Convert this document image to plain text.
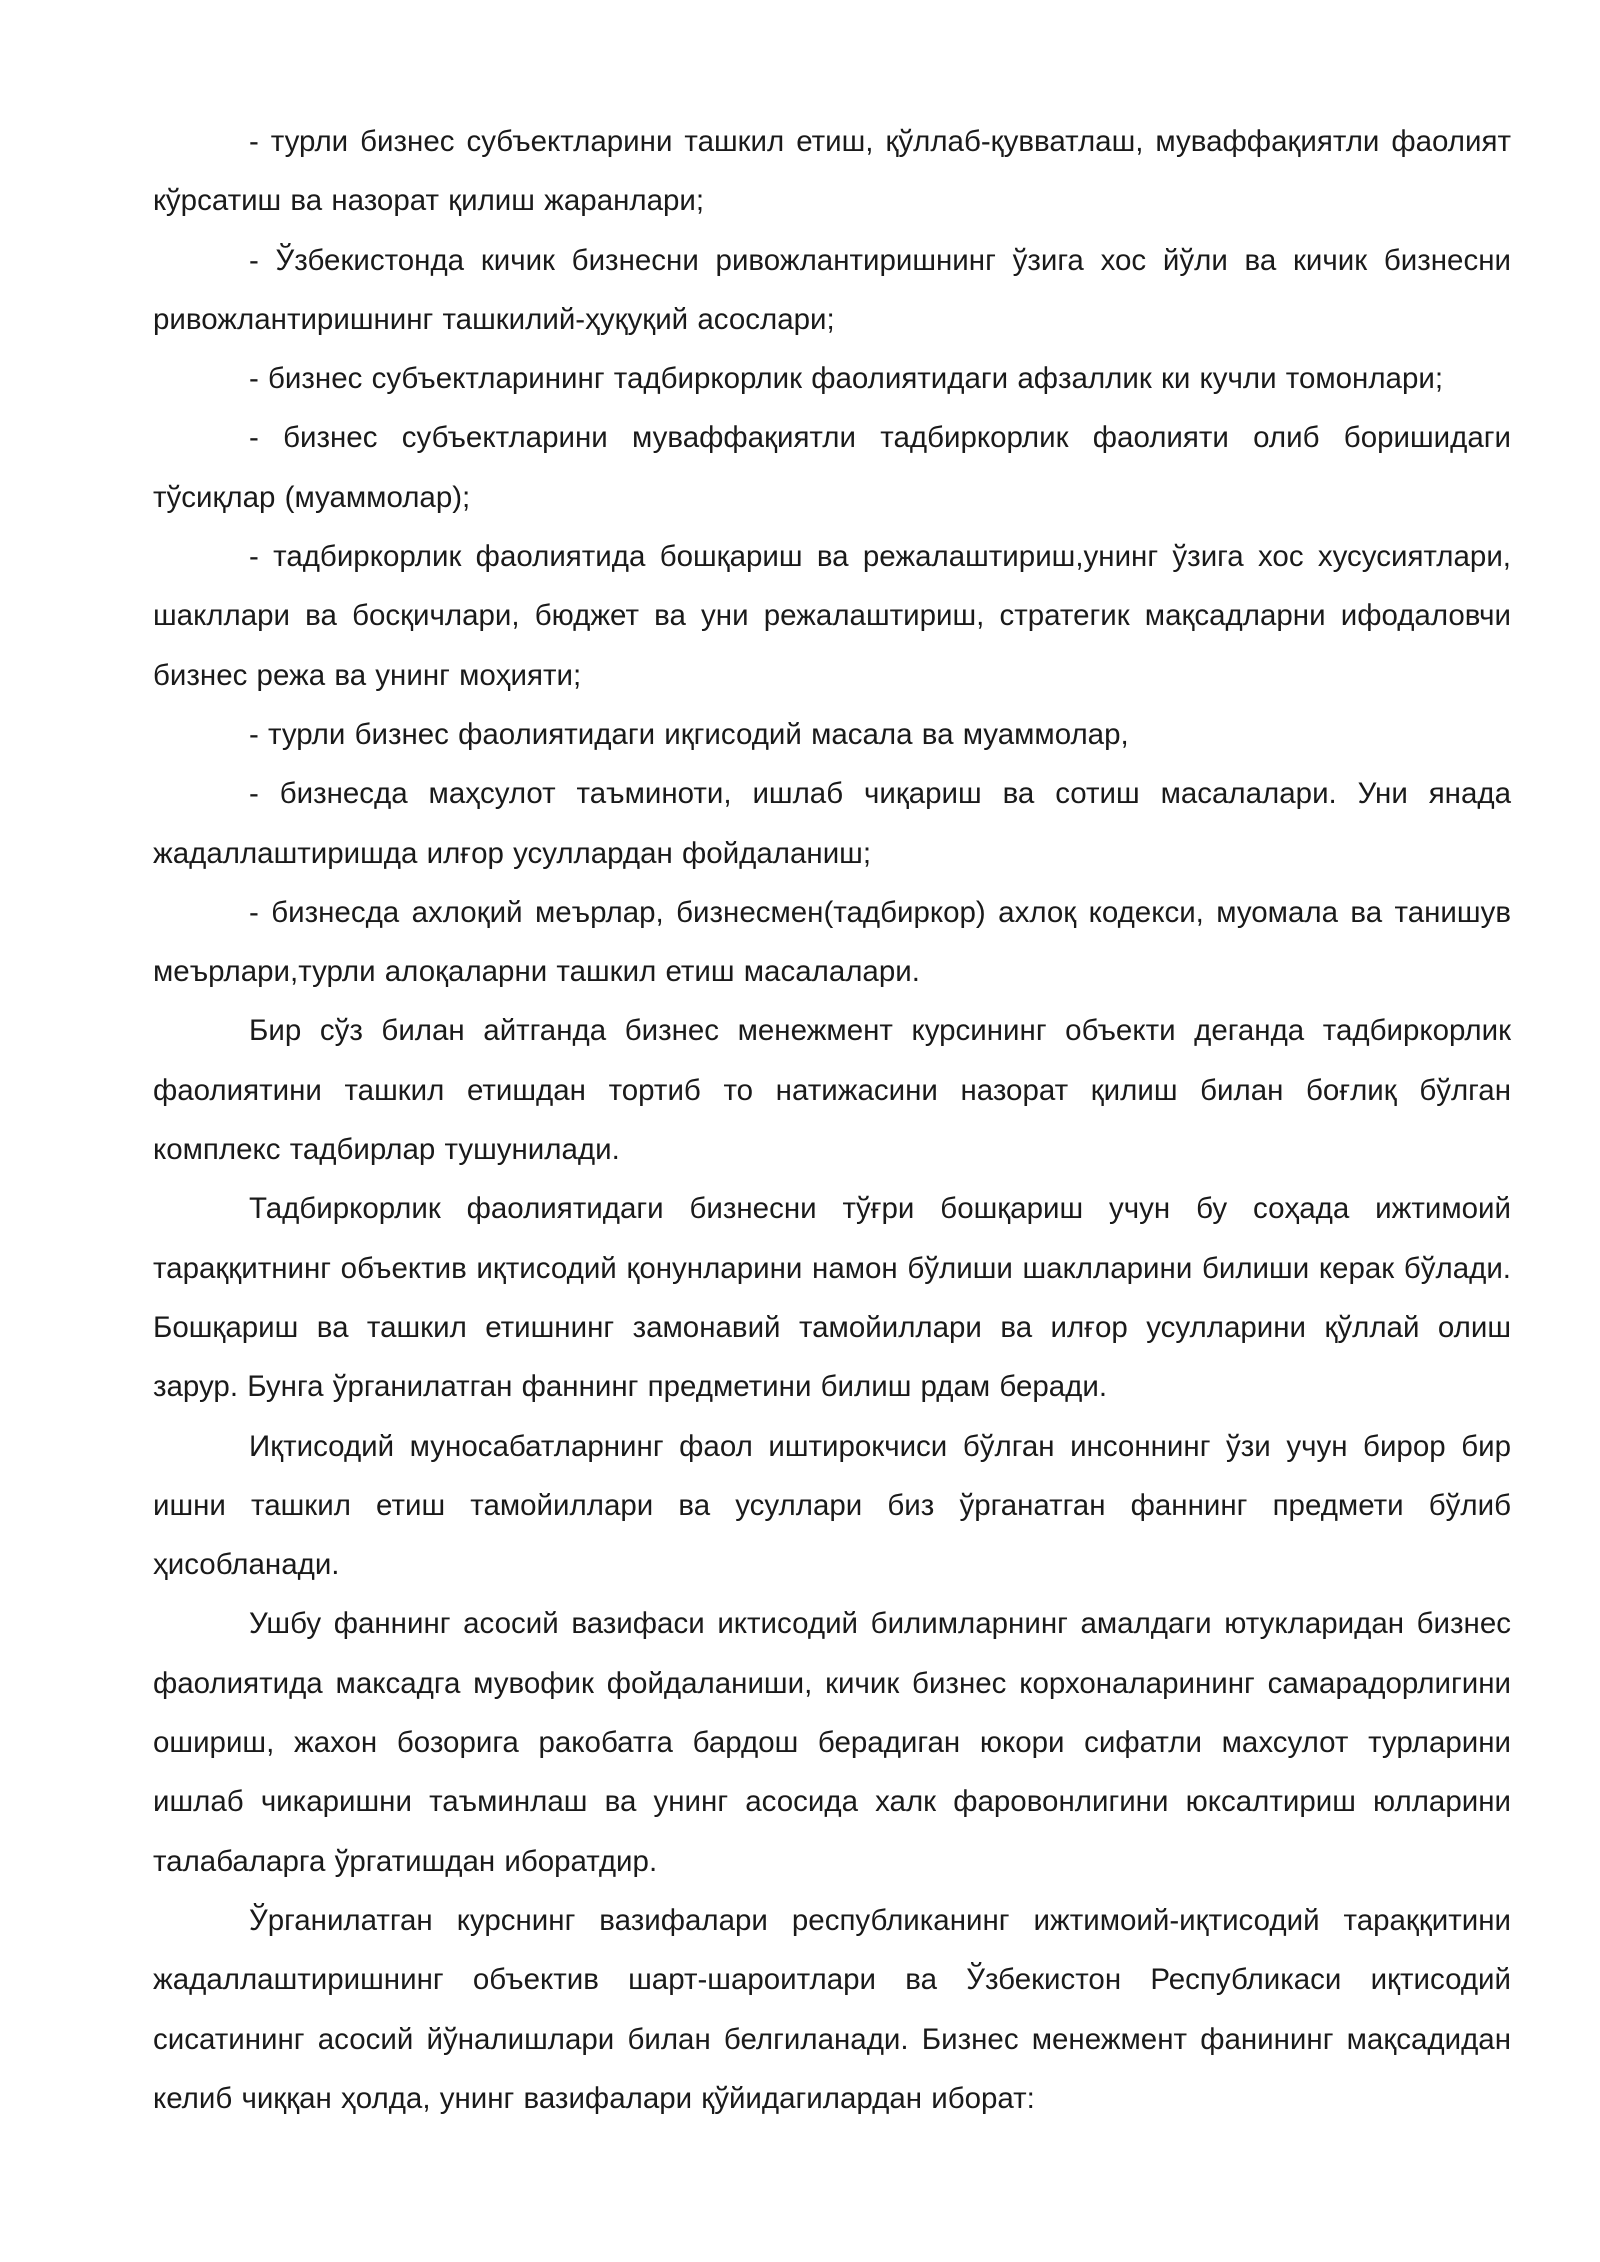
- турли бизнес субъектларини ташкил етиш, қўллаб-қувватлаш, муваффақиятли фаолият кўрсатиш ва назорат қилиш жаранлари;

- Ўзбекистонда кичик бизнесни ривожлантиришнинг ўзига хос йўли ва кичик бизнесни ривожлантиришнинг ташкилий-ҳуқуқий асослари;

- бизнес субъектларининг тадбиркорлик фаолиятидаги афзаллик ки кучли томонлари;

- бизнес субъектларини муваффақиятли тадбиркорлик фаолияти олиб боришидаги тўсиқлар (муаммолар);

- тадбиркорлик фаолиятида бошқариш ва режалаштириш,унинг ўзига хос хусусиятлари, шакллари ва босқичлари, бюджет ва уни режалаштириш, стратегик мақсадларни ифодаловчи бизнес режа ва унинг моҳияти;

- турли бизнес фаолиятидаги иқгисодий масала ва муаммолар,

- бизнесда маҳсулот таъминоти, ишлаб чиқариш ва сотиш масалалари. Уни янада жадаллаштиришда илғор усуллардан фойдаланиш;

- бизнесда ахлоқий меърлар, бизнесмен(тадбиркор) ахлоқ кодекси, муомала ва танишув меърлари,турли алоқаларни ташкил етиш масалалари.

Бир сўз билан айтганда бизнес менежмент курсининг объекти деганда тадбиркорлик фаолиятини ташкил етишдан тортиб то натижасини назорат қилиш билан боғлиқ бўлган комплекс тадбирлар тушунилади.

Тадбиркорлик фаолиятидаги бизнесни тўғри бошқариш учун бу соҳада ижтимоий тараққитнинг объектив иқтисодий қонунларини намон бўлиши шаклларини билиши керак бўлади. Бошқариш ва ташкил етишнинг замонавий тамойиллари ва илғор усулларини қўллай олиш зарур. Бунга ўрганилатган фаннинг предметини билиш рдам беради.

Иқтисодий муносабатларнинг фаол иштирокчиси бўлган инсоннинг ўзи учун бирор бир ишни ташкил етиш тамойиллари ва усуллари биз ўрганатган фаннинг предмети бўлиб ҳисобланади.

Ушбу фаннинг асосий вазифаси иктисодий билимларнинг амалдаги ютукларидан бизнес фаолиятида максадга мувофик фойдаланиши, кичик бизнес корхоналарининг самарадорлигини ошириш, жахон бозорига ракобатга бардош берадиган юкори сифатли махсулот турларини ишлаб чикаришни таъминлаш ва унинг асосида халк фаровонлигини юксалтириш юлларини талабаларга ўргатишдан иборатдир.

Ўрганилатган курснинг вазифалари республиканинг ижтимоий-иқтисодий тараққитини жадаллаштиришнинг объектив шарт-шароитлари ва Ўзбекистон Республикаси иқтисодий сисатининг асосий йўналишлари билан белгиланади. Бизнес менежмент фанининг мақсадидан келиб чиққан ҳолда, унинг вазифалари қўйидагилардан иборат:
